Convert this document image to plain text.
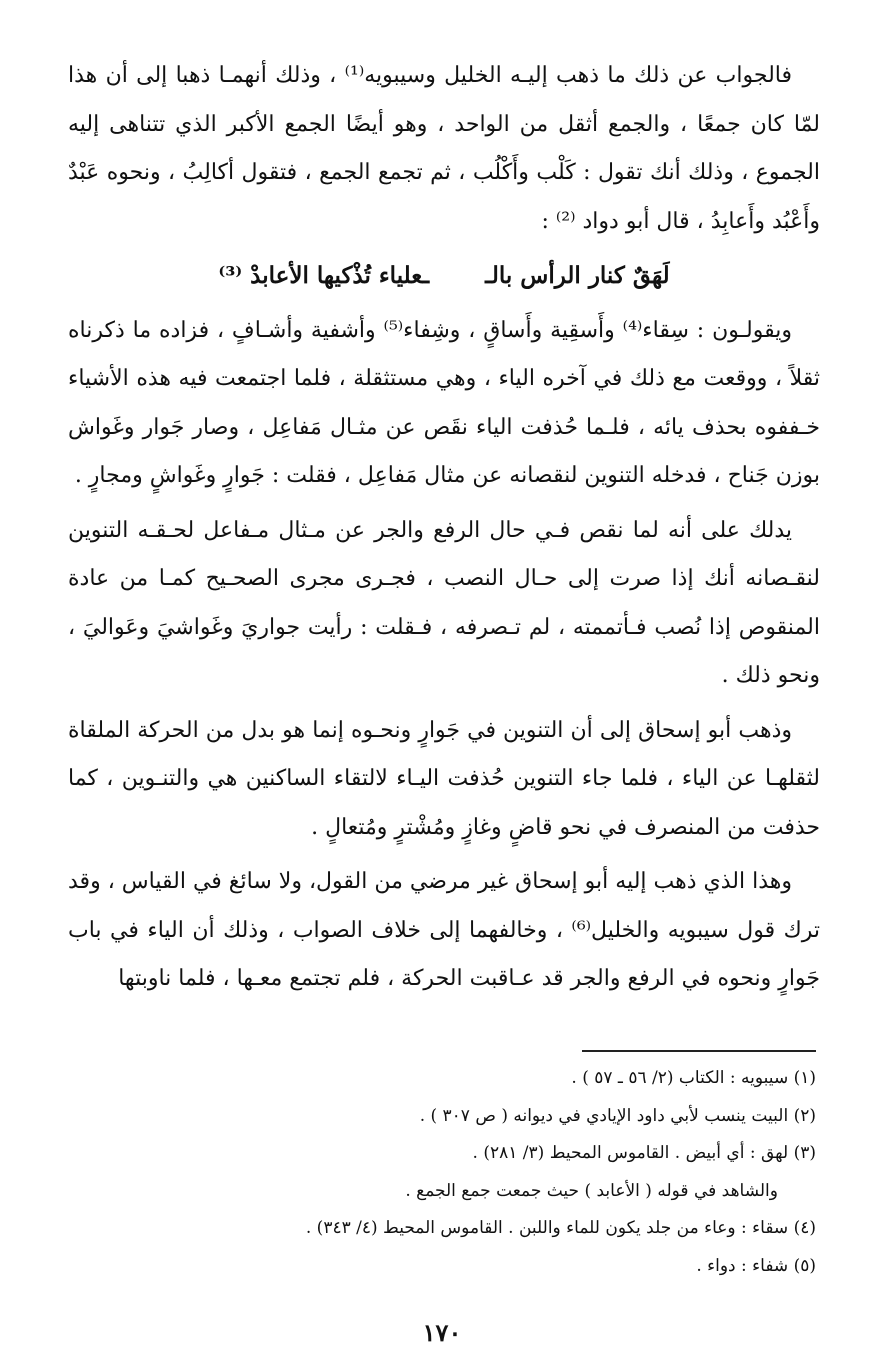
فالجواب عن ذلك ما ذهب إليـه الخليل وسيبويه⁽¹⁾ ، وذلك أنهمـا ذهبا إلى أن هذا لمّا كان جمعًا ، والجمع أثقل من الواحد ، وهو أيضًا الجمع الأكبر الذي تتناهى إليه الجموع ، وذلك أنك تقول : كَلْب وأَكْلُب ، ثم تجمع الجمع ، فتقول أكالِبُ ، ونحوه عَبْدٌ وأَعْبُد وأَعابِدُ ، قال أبو دواد ⁽²⁾ :

لَهَقٌ كنار الرأس بالـ
ـعلياء تُذْكيها الأعابدْ ⁽³⁾

ويقولـون : سِقاء⁽⁴⁾ وأَسقِية وأَساقٍ ، وشِفاء⁽⁵⁾ وأشفية وأشـافٍ ، فزاده ما ذكرناه ثقلاً ، ووقعت مع ذلك في آخره الياء ، وهي مستثقلة ، فلما اجتمعت فيه هذه الأشياء خـففوه بحذف يائه ، فلـما حُذفت الياء نقَص عن مثـال مَفاعِل ، وصار جَوار وغَواش بوزن جَناح ، فدخله التنوين لنقصانه عن مثال مَفاعِل ، فقلت : جَوارٍ وغَواشٍ ومجارٍ .

يدلك على أنه لما نقص فـي حال الرفع والجر عن مـثال مـفاعل لحـقـه التنوين لنقـصانه أنك إذا صرت إلى حـال النصب ، فجـرى مجرى الصحـيح كمـا من عادة المنقوص إذا نُصب فـأتممته ، لم تـصرفه ، فـقلت : رأيت جواريَ وغَواشيَ وعَواليَ ، ونحو ذلك .

وذهب أبو إسحاق إلى أن التنوين في جَوارٍ ونحـوه إنما هو بدل من الحركة الملقاة لثقلهـا عن الياء ، فلما جاء التنوين حُذفت اليـاء لالتقاء الساكنين هي والتنـوين ، كما حذفت من المنصرف في نحو قاضٍ وغازٍ ومُشْترٍ ومُتعالٍ .

وهذا الذي ذهب إليه أبو إسحاق غير مرضي من القول، ولا سائغ في القياس ، وقد ترك قول سيبويه والخليل⁽⁶⁾ ، وخالفهما إلى خلاف الصواب ، وذلك أن الياء في باب جَوارٍ ونحوه في الرفع والجر قد عـاقبت الحركة ، فلم تجتمع معـها ، فلما ناوبتها

(١) سيبويه : الكتاب (٢/ ٥٦ ـ ٥٧ ) .

(٢) البيت ينسب لأبي داود الإيادي في ديوانه ( ص ٣٠٧ ) .

(٣) لهق : أي أبيض . القاموس المحيط (٣/ ٢٨١) .

والشاهد في قوله ( الأعابد ) حيث جمعت جمع الجمع .

(٤) سقاء : وعاء من جلد يكون للماء واللبن . القاموس المحيط (٤/ ٣٤٣) .

(٥) شفاء : دواء .

١٧٠
